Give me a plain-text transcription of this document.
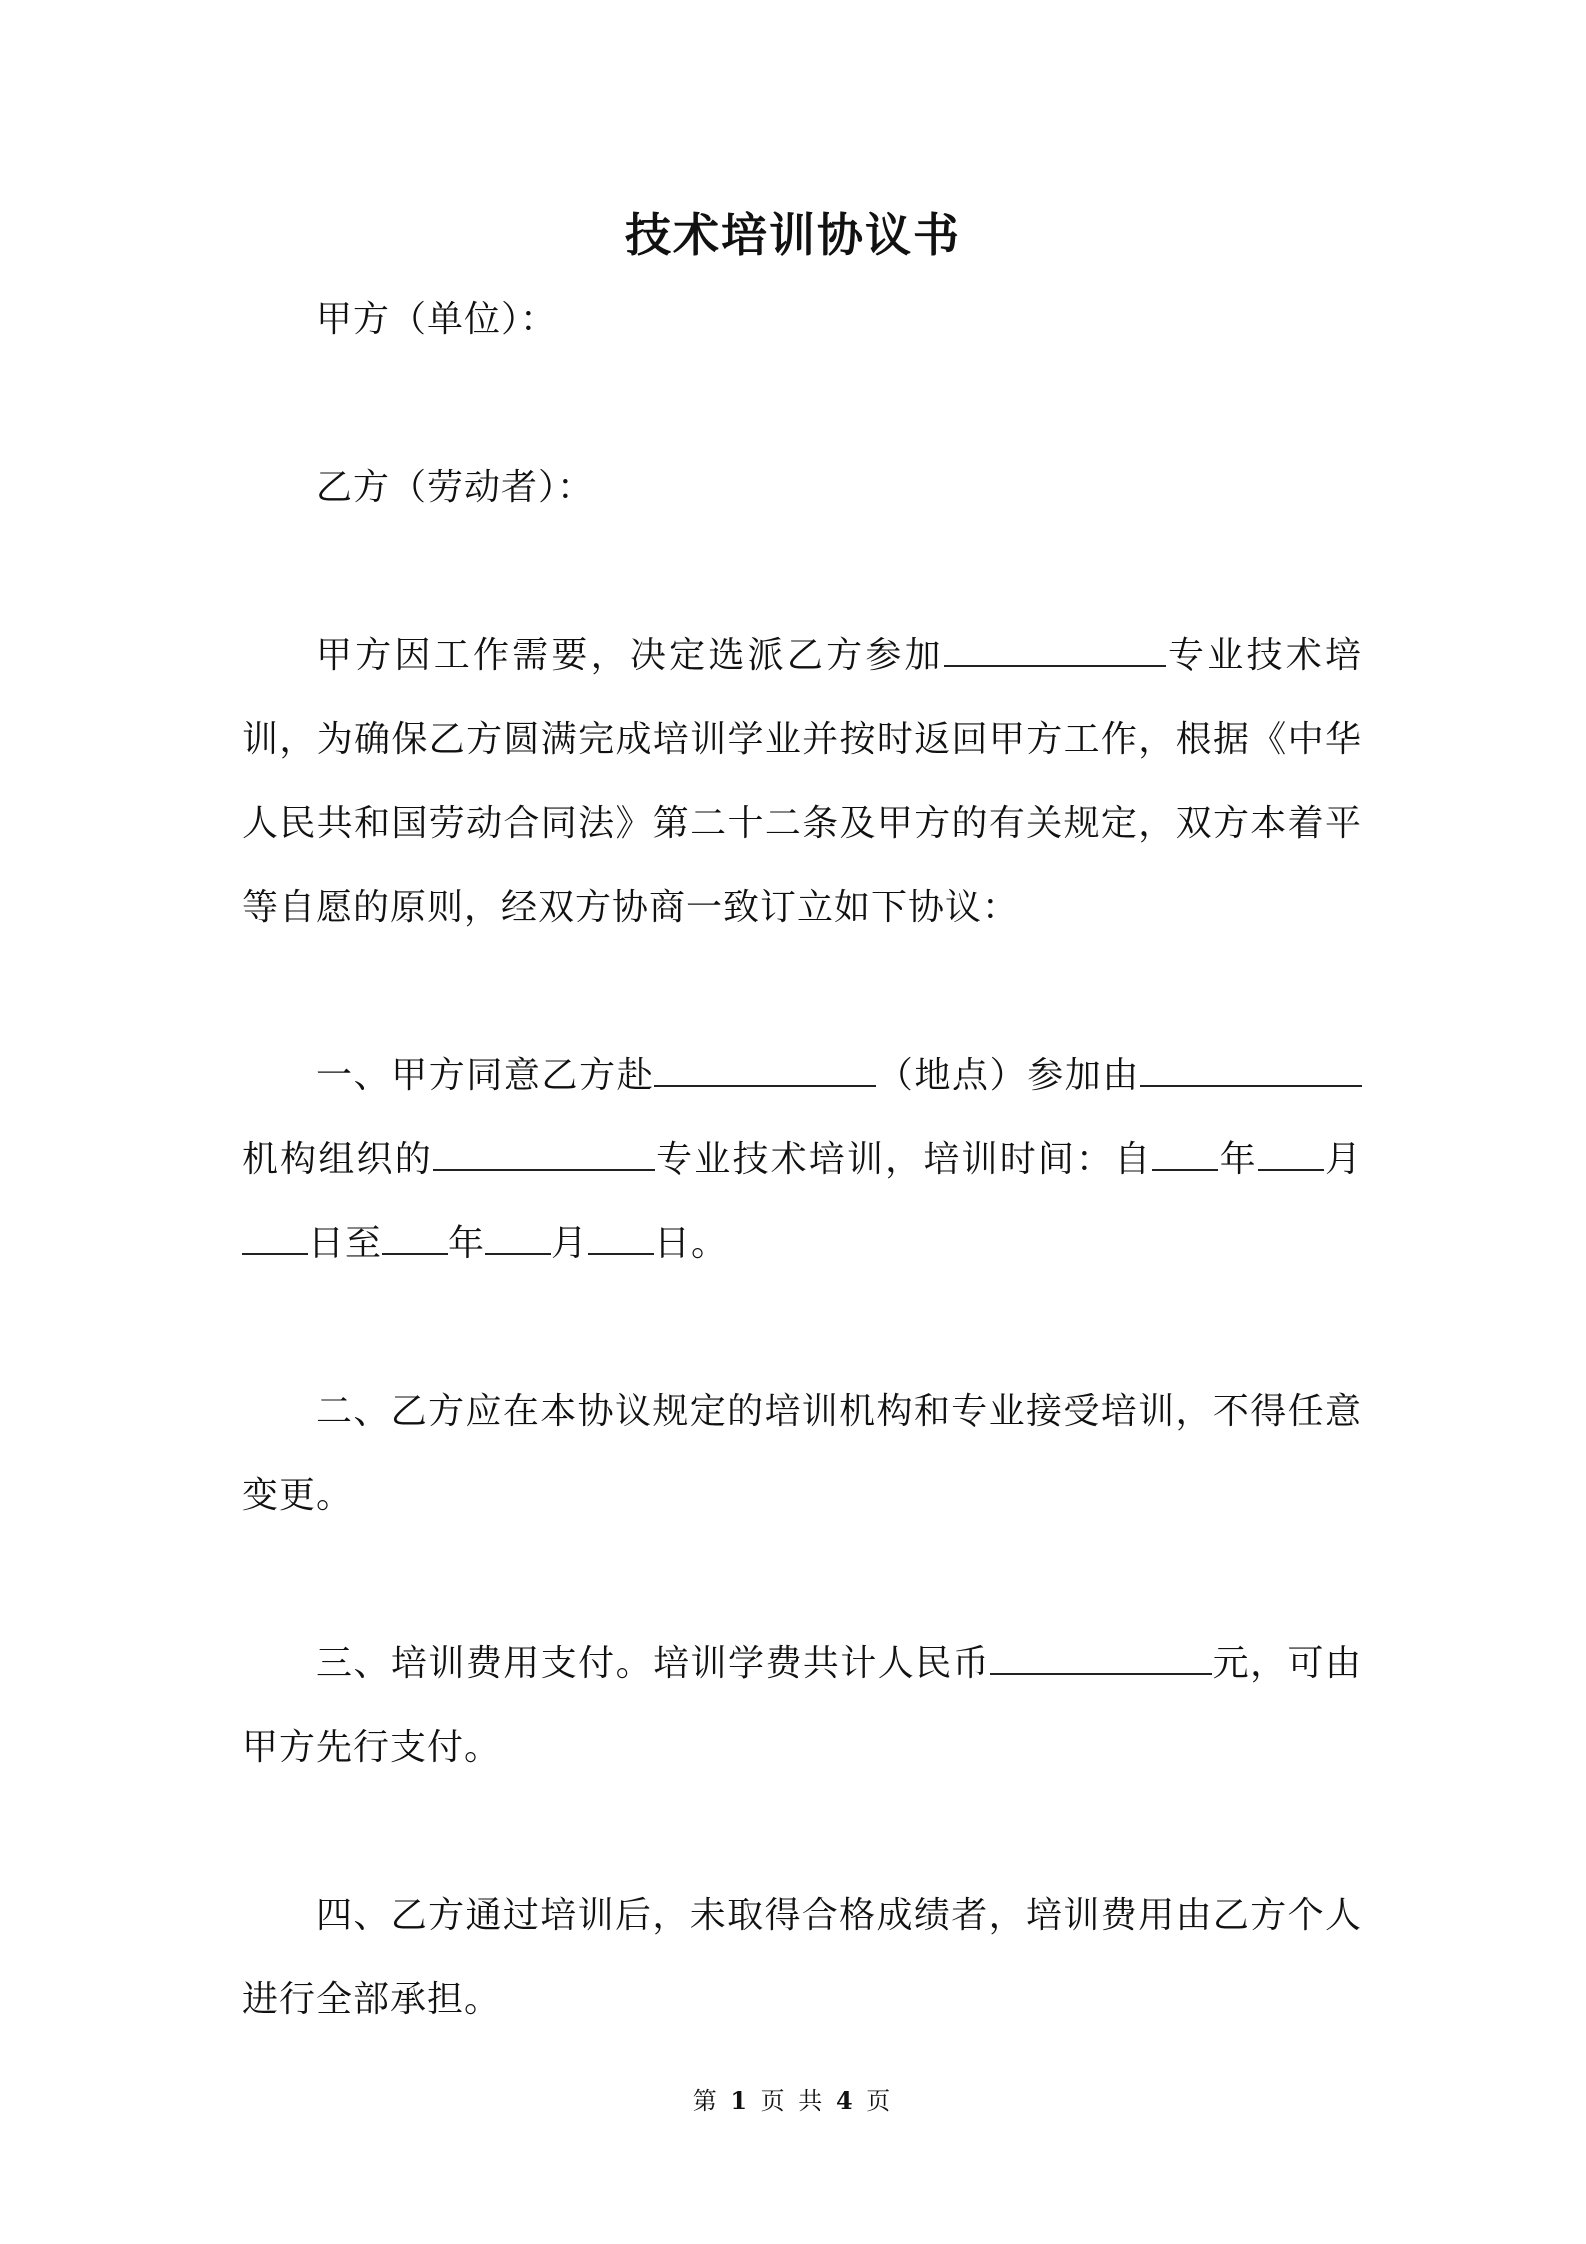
技术培训协议书
甲方（单位）：
乙方（劳动者）：
甲方因工作需要，决定选派乙方参加	专业技术培训，为确保乙方圆满完成培训学业并按时返回甲方工作，根据《中华人民共和国劳动合同法》第二十二条及甲方的有关规定，双方本着平等自愿的原则，经双方协商一致订立如下协议：
一、甲方同意乙方赴	（地点）参加由机构组织的	专业技术培训，培训时间：自 年 月日至 年 月 日。
二、乙方应在本协议规定的培训机构和专业接受培训，不得任意变更。
三、培训费用支付。培训学费共计人民币	元，可由甲方先行支付。
四、乙方通过培训后，未取得合格成绩者，培训费用由乙方个人进行全部承担。
第 1 页 共 4 页
